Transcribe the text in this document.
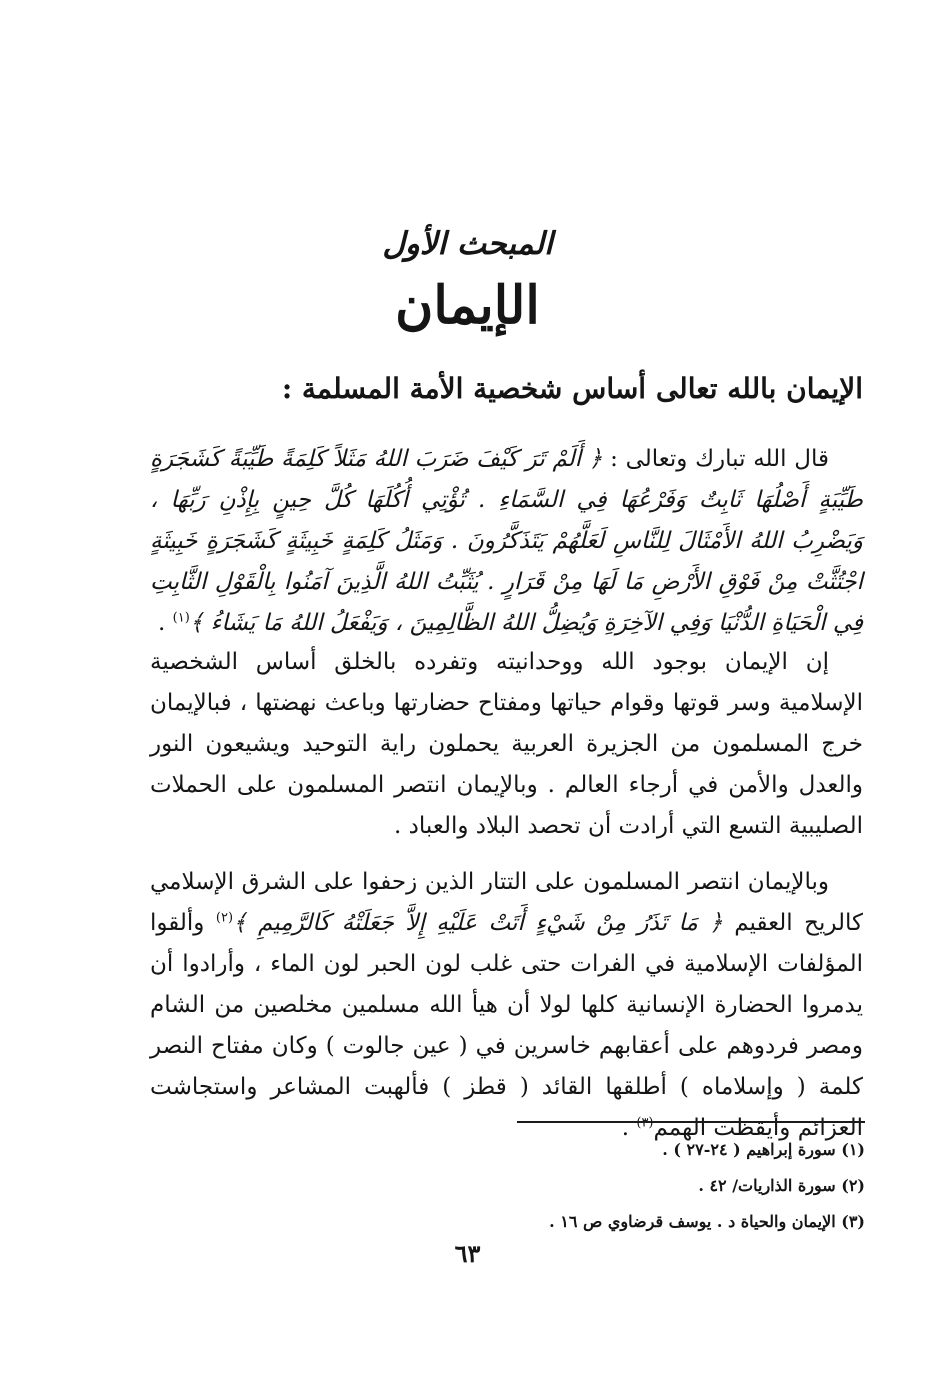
المبحث الأول
الإيمان
الإيمان بالله تعالى أساس شخصية الأمة المسلمة :

قال الله تبارك وتعالى : ﴿ أَلَمْ تَرَ كَيْفَ ضَرَبَ اللهُ مَثَلاً كَلِمَةً طَيِّبَةً كَشَجَرَةٍ طَيِّبَةٍ أَصْلُهَا ثَابِتٌ وَفَرْعُهَا فِي السَّمَاءِ . تُؤْتِي أُكُلَهَا كُلَّ حِينٍ بِإِذْنِ رَبِّهَا ، وَيَضْرِبُ اللهُ الأَمْثَالَ لِلنَّاسِ لَعَلَّهُمْ يَتَذَكَّرُونَ . وَمَثَلُ كَلِمَةٍ خَبِيثَةٍ كَشَجَرَةٍ خَبِيثَةٍ اجْتُثَّتْ مِنْ فَوْقِ الأَرْضِ مَا لَهَا مِنْ قَرَارٍ . يُثَبِّتُ اللهُ الَّذِينَ آمَنُوا بِالْقَوْلِ الثَّابِتِ فِي الْحَيَاةِ الدُّنْيَا وَفِي الآخِرَةِ وَيُضِلُّ اللهُ الظَّالِمِينَ ، وَيَفْعَلُ اللهُ مَا يَشَاءُ ﴾$^{(١)}$ .

إن الإيمان بوجود الله ووحدانيته وتفرده بالخلق أساس الشخصية الإسلامية وسر قوتها وقوام حياتها ومفتاح حضارتها وباعث نهضتها ، فبالإيمان خرج المسلمون من الجزيرة العربية يحملون راية التوحيد ويشيعون النور والعدل والأمن في أرجاء العالم . وبالإيمان انتصر المسلمون على الحملات الصليبية التسع التي أرادت أن تحصد البلاد والعباد .

وبالإيمان انتصر المسلمون على التتار الذين زحفوا على الشرق الإسلامي كالريح العقيم ﴿ مَا تَذَرُ مِنْ شَيْءٍ أَتَتْ عَلَيْهِ إِلاَّ جَعَلَتْهُ كَالرَّمِيمِ ﴾$^{(٢)}$ وألقوا المؤلفات الإسلامية في الفرات حتى غلب لون الحبر لون الماء ، وأرادوا أن يدمروا الحضارة الإنسانية كلها لولا أن هيأ الله مسلمين مخلصين من الشام ومصر فردوهم على أعقابهم خاسرين في ( عين جالوت ) وكان مفتاح النصر كلمة ( وإسلاماه ) أطلقها القائد ( قطز ) فألهبت المشاعر واستجاشت العزائم وأيقظت الهمم$^{(٣)}$ .

(١) سورة إبراهيم ( ٢٤-٢٧ ) .
(٢) سورة الذاريات/ ٤٢ .
(٣) الإيمان والحياة د . يوسف قرضاوي ص ١٦ .
٦٣
